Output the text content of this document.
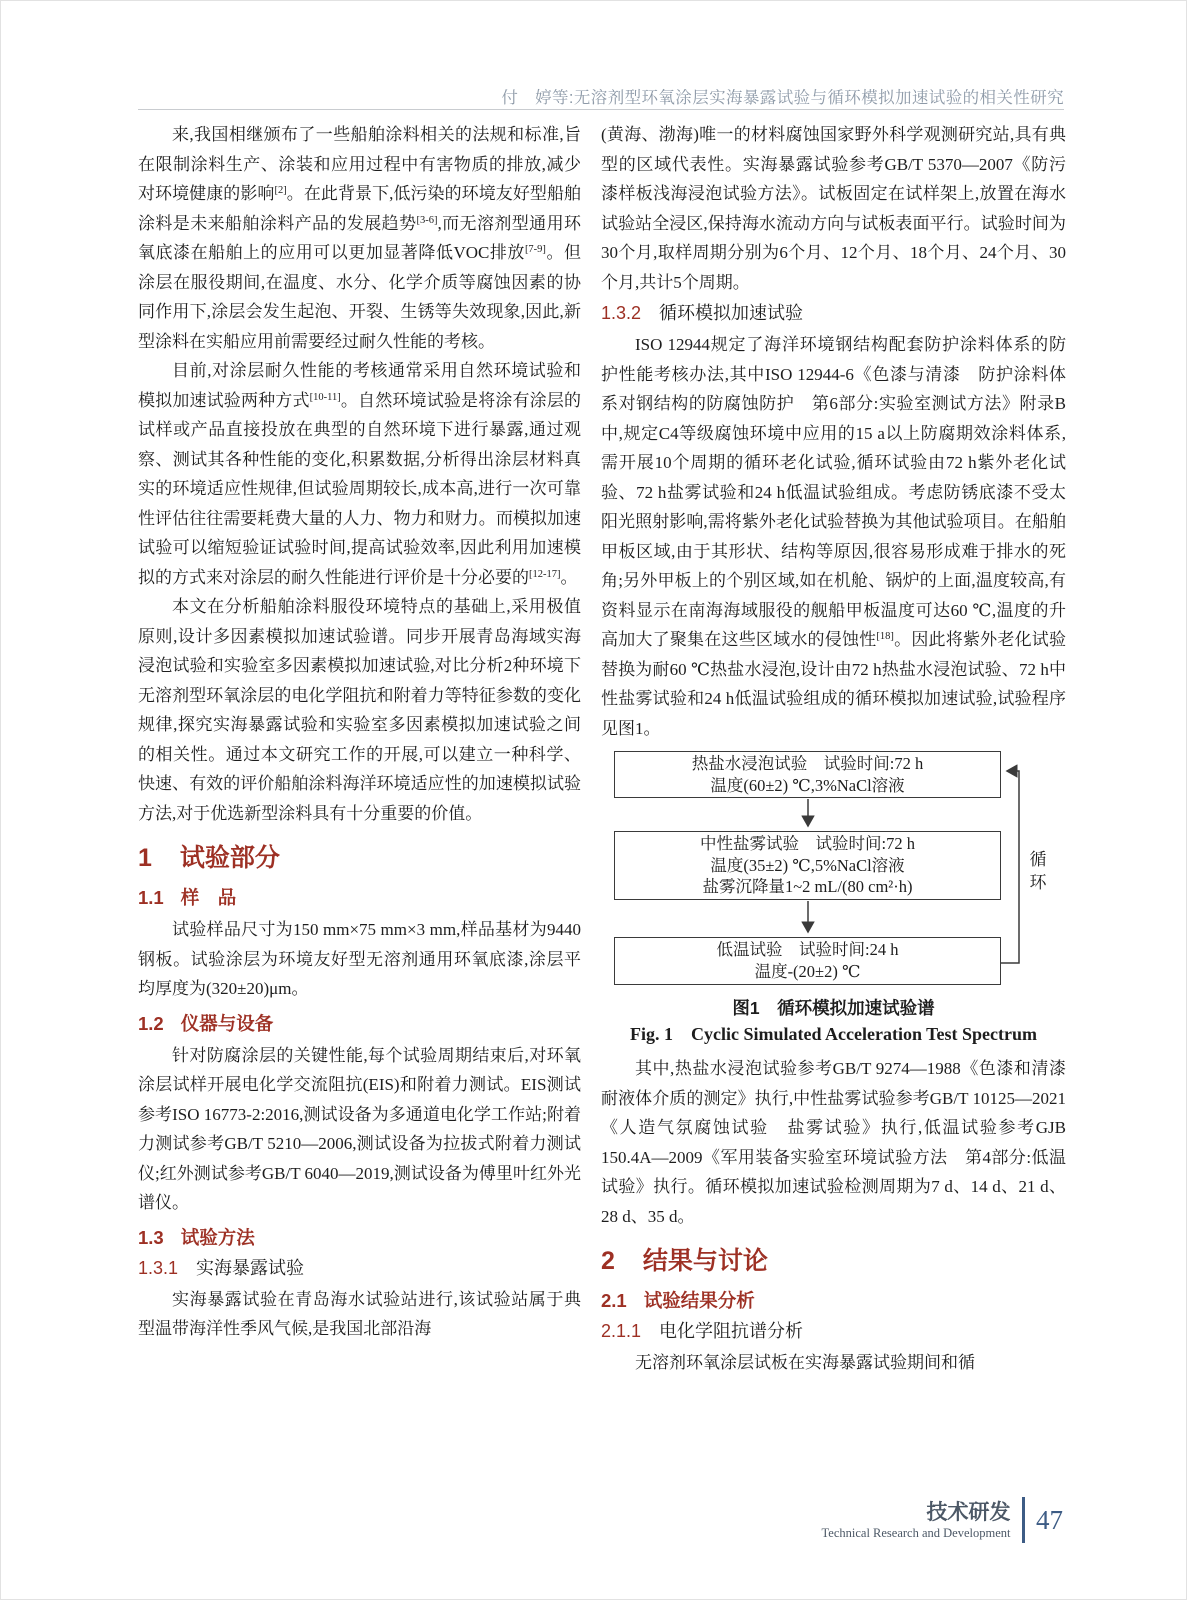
付　婷等:无溶剂型环氧涂层实海暴露试验与循环模拟加速试验的相关性研究

来,我国相继颁布了一些船舶涂料相关的法规和标准,旨在限制涂料生产、涂装和应用过程中有害物质的排放,减少对环境健康的影响[2]。在此背景下,低污染的环境友好型船舶涂料是未来船舶涂料产品的发展趋势[3-6],而无溶剂型通用环氧底漆在船舶上的应用可以更加显著降低VOC排放[7-9]。但涂层在服役期间,在温度、水分、化学介质等腐蚀因素的协同作用下,涂层会发生起泡、开裂、生锈等失效现象,因此,新型涂料在实船应用前需要经过耐久性能的考核。

目前,对涂层耐久性能的考核通常采用自然环境试验和模拟加速试验两种方式[10-11]。自然环境试验是将涂有涂层的试样或产品直接投放在典型的自然环境下进行暴露,通过观察、测试其各种性能的变化,积累数据,分析得出涂层材料真实的环境适应性规律,但试验周期较长,成本高,进行一次可靠性评估往往需要耗费大量的人力、物力和财力。而模拟加速试验可以缩短验证试验时间,提高试验效率,因此利用加速模拟的方式来对涂层的耐久性能进行评价是十分必要的[12-17]。

本文在分析船舶涂料服役环境特点的基础上,采用极值原则,设计多因素模拟加速试验谱。同步开展青岛海域实海浸泡试验和实验室多因素模拟加速试验,对比分析2种环境下无溶剂型环氧涂层的电化学阻抗和附着力等特征参数的变化规律,探究实海暴露试验和实验室多因素模拟加速试验之间的相关性。通过本文研究工作的开展,可以建立一种科学、快速、有效的评价船舶涂料海洋环境适应性的加速模拟试验方法,对于优选新型涂料具有十分重要的价值。

1 试验部分
1.1 样　品

试验样品尺寸为150 mm×75 mm×3 mm,样品基材为9440钢板。试验涂层为环境友好型无溶剂通用环氧底漆,涂层平均厚度为(320±20)μm。

1.2 仪器与设备

针对防腐涂层的关键性能,每个试验周期结束后,对环氧涂层试样开展电化学交流阻抗(EIS)和附着力测试。EIS测试参考ISO 16773-2:2016,测试设备为多通道电化学工作站;附着力测试参考GB/T 5210—2006,测试设备为拉拔式附着力测试仪;红外测试参考GB/T 6040—2019,测试设备为傅里叶红外光谱仪。

1.3 试验方法
1.3.1 实海暴露试验

实海暴露试验在青岛海水试验站进行,该试验站属于典型温带海洋性季风气候,是我国北部沿海

(黄海、渤海)唯一的材料腐蚀国家野外科学观测研究站,具有典型的区域代表性。实海暴露试验参考GB/T 5370—2007《防污漆样板浅海浸泡试验方法》。试板固定在试样架上,放置在海水试验站全浸区,保持海水流动方向与试板表面平行。试验时间为30个月,取样周期分别为6个月、12个月、18个月、24个月、30个月,共计5个周期。

1.3.2 循环模拟加速试验

ISO 12944规定了海洋环境钢结构配套防护涂料体系的防护性能考核办法,其中ISO 12944-6《色漆与清漆　防护涂料体系对钢结构的防腐蚀防护　第6部分:实验室测试方法》附录B中,规定C4等级腐蚀环境中应用的15 a以上防腐期效涂料体系,需开展10个周期的循环老化试验,循环试验由72 h紫外老化试验、72 h盐雾试验和24 h低温试验组成。考虑防锈底漆不受太阳光照射影响,需将紫外老化试验替换为其他试验项目。在船舶甲板区域,由于其形状、结构等原因,很容易形成难于排水的死角;另外甲板上的个别区域,如在机舱、锅炉的上面,温度较高,有资料显示在南海海域服役的舰船甲板温度可达60 ℃,温度的升高加大了聚集在这些区域水的侵蚀性[18]。因此将紫外老化试验替换为耐60 ℃热盐水浸泡,设计由72 h热盐水浸泡试验、72 h中性盐雾试验和24 h低温试验组成的循环模拟加速试验,试验程序见图1。

热盐水浸泡试验　试验时间:72 h
温度(60±2) ℃,3%NaCl溶液
中性盐雾试验　试验时间:72 h
温度(35±2) ℃,5%NaCl溶液
盐雾沉降量1~2 mL/(80 cm²·h)
低温试验　试验时间:24 h
温度-(20±2) ℃
循环
图1　循环模拟加速试验谱
Fig. 1　Cyclic Simulated Acceleration Test Spectrum

其中,热盐水浸泡试验参考GB/T 9274—1988《色漆和清漆　耐液体介质的测定》执行,中性盐雾试验参考GB/T 10125—2021《人造气氛腐蚀试验　盐雾试验》执行,低温试验参考GJB 150.4A—2009《军用装备实验室环境试验方法　第4部分:低温试验》执行。循环模拟加速试验检测周期为7 d、14 d、21 d、28 d、35 d。

2 结果与讨论
2.1 试验结果分析
2.1.1 电化学阻抗谱分析

无溶剂环氧涂层试板在实海暴露试验期间和循

技术研发
Technical Research and Development 47
